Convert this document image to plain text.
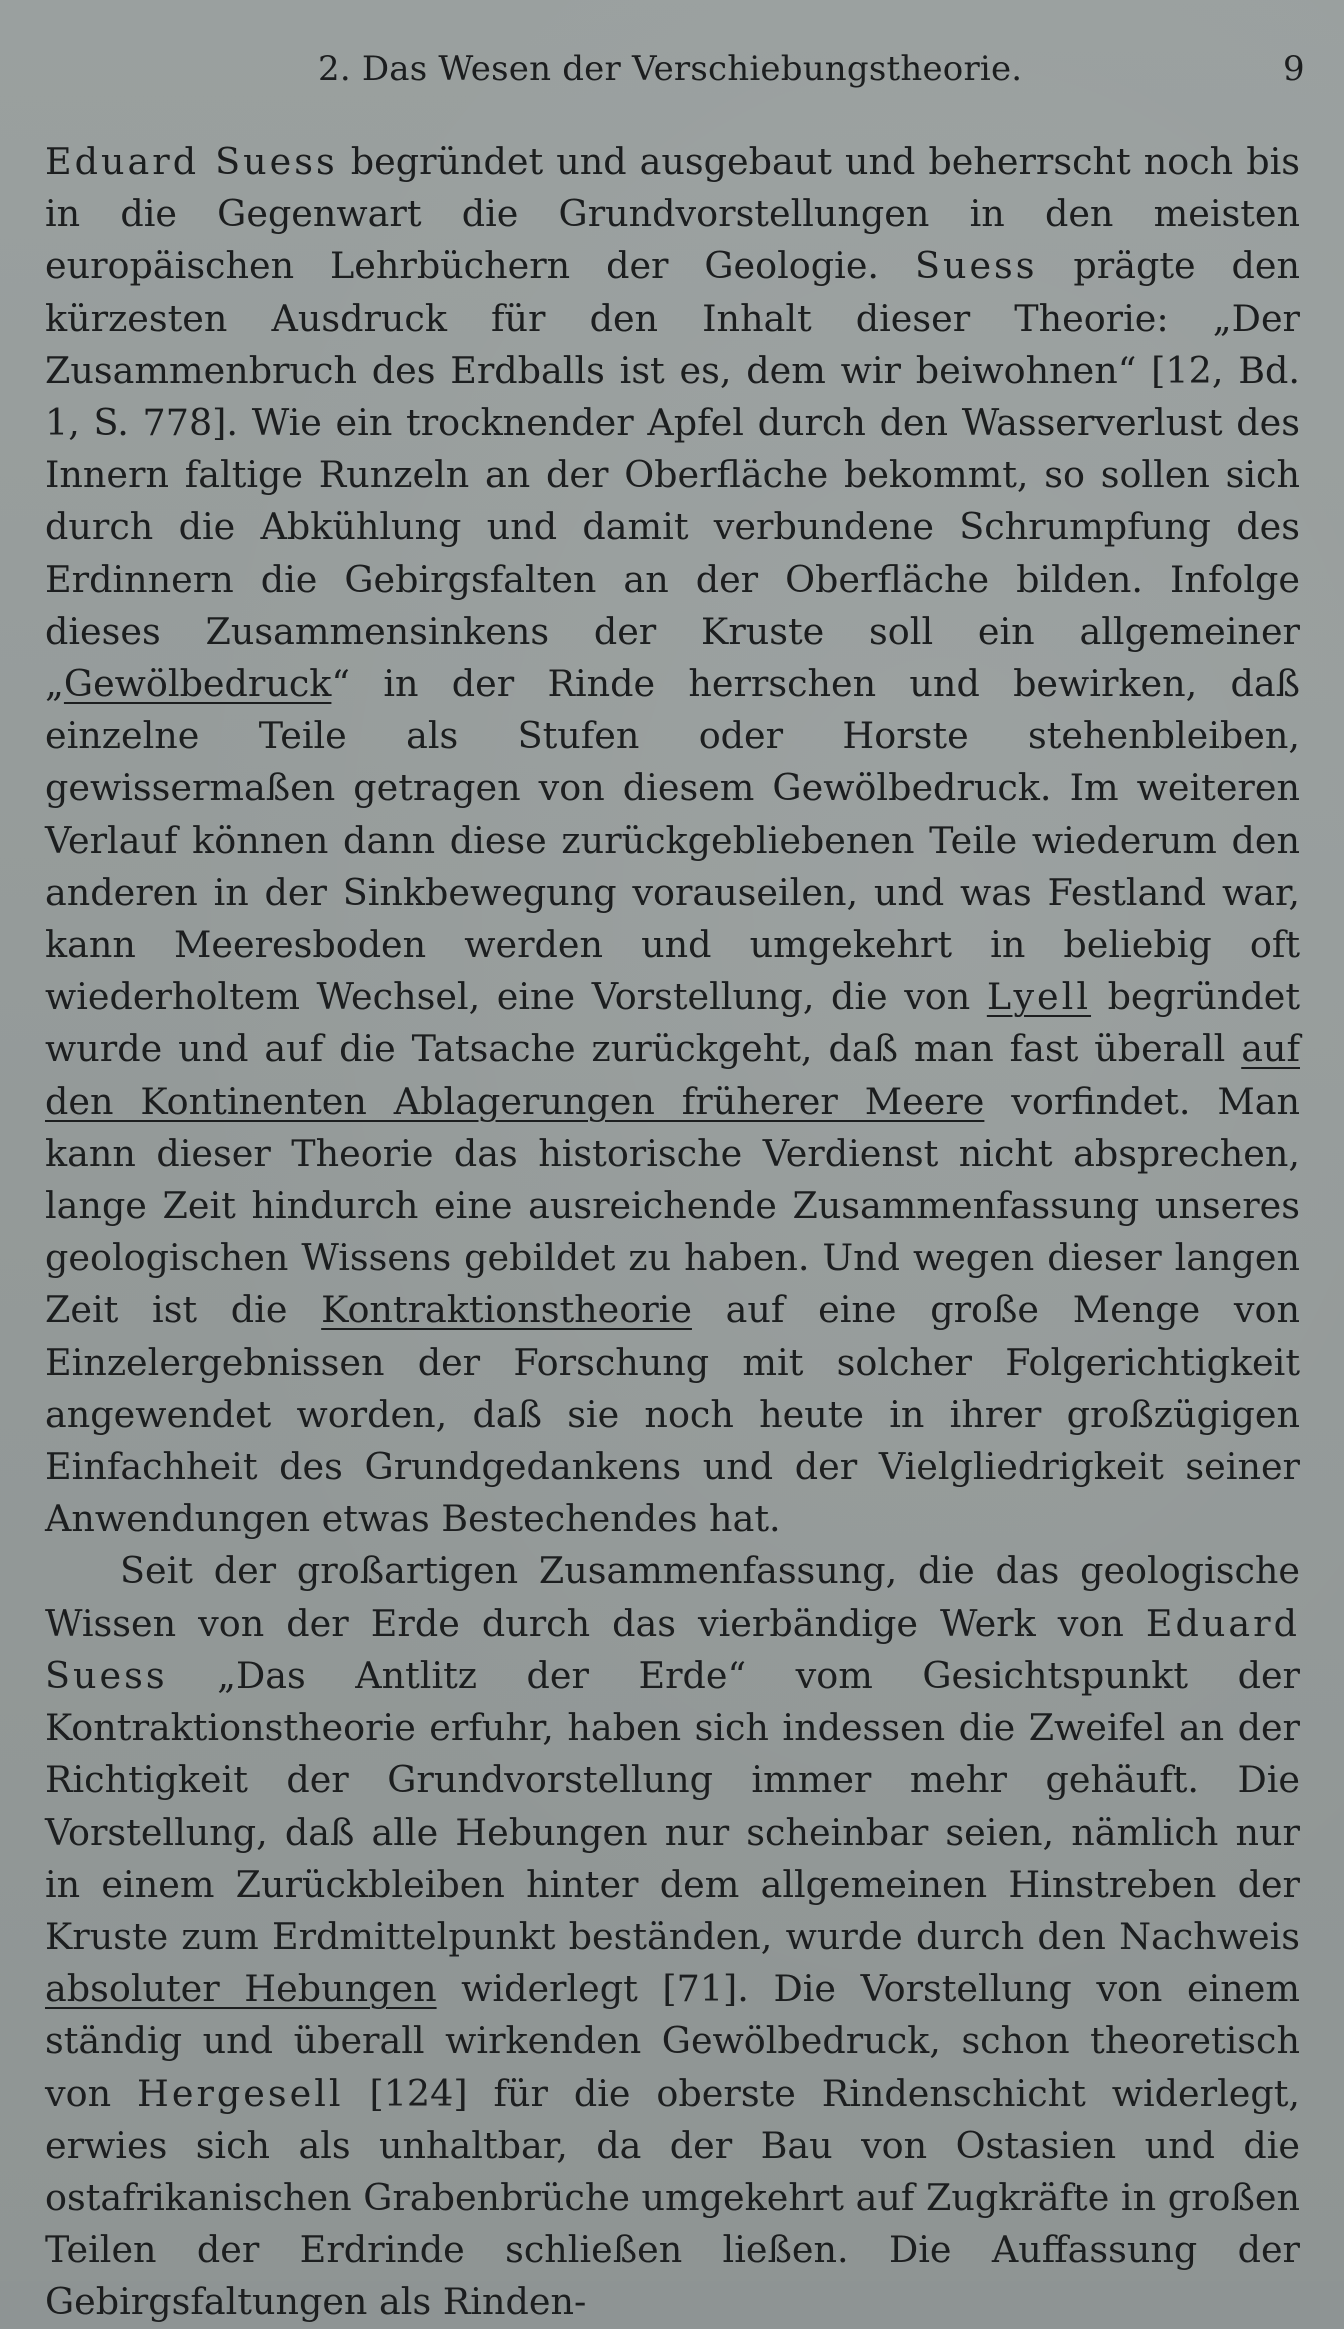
2. Das Wesen der Verschiebungstheorie.	9

Eduard Suess begründet und ausgebaut und beherrscht noch bis in die Gegenwart die Grundvorstellungen in den meisten europäischen Lehrbüchern der Geologie. Suess prägte den kürzesten Ausdruck für den Inhalt dieser Theorie: „Der Zusammenbruch des Erdballs ist es, dem wir beiwohnen“ [12, Bd. 1, S. 778]. Wie ein trocknender Apfel durch den Wasserverlust des Innern faltige Runzeln an der Oberfläche bekommt, so sollen sich durch die Abkühlung und damit verbundene Schrumpfung des Erdinnern die Gebirgsfalten an der Oberfläche bilden. Infolge dieses Zusammensinkens der Kruste soll ein allgemeiner „Gewölbedruck“ in der Rinde herrschen und bewirken, daß einzelne Teile als Stufen oder Horste stehenbleiben, gewissermaßen getragen von diesem Gewölbedruck. Im weiteren Verlauf können dann diese zurückgebliebenen Teile wiederum den anderen in der Sinkbewegung vorauseilen, und was Festland war, kann Meeresboden werden und umgekehrt in beliebig oft wiederholtem Wechsel, eine Vorstellung, die von Lyell begründet wurde und auf die Tatsache zurückgeht, daß man fast überall auf den Kontinenten Ablagerungen früherer Meere vorfindet. Man kann dieser Theorie das historische Verdienst nicht absprechen, lange Zeit hindurch eine ausreichende Zusammenfassung unseres geologischen Wissens gebildet zu haben. Und wegen dieser langen Zeit ist die Kontraktionstheorie auf eine große Menge von Einzelergebnissen der Forschung mit solcher Folgerichtigkeit angewendet worden, daß sie noch heute in ihrer großzügigen Einfachheit des Grundgedankens und der Vielgliedrigkeit seiner Anwendungen etwas Bestechendes hat.

Seit der großartigen Zusammenfassung, die das geologische Wissen von der Erde durch das vierbändige Werk von Eduard Suess „Das Antlitz der Erde“ vom Gesichtspunkt der Kontraktionstheorie erfuhr, haben sich indessen die Zweifel an der Richtigkeit der Grundvorstellung immer mehr gehäuft. Die Vorstellung, daß alle Hebungen nur scheinbar seien, nämlich nur in einem Zurückbleiben hinter dem allgemeinen Hinstreben der Kruste zum Erdmittelpunkt beständen, wurde durch den Nachweis absoluter Hebungen widerlegt [71]. Die Vorstellung von einem ständig und überall wirkenden Gewölbedruck, schon theoretisch von Hergesell [124] für die oberste Rindenschicht widerlegt, erwies sich als unhaltbar, da der Bau von Ostasien und die ostafrikanischen Grabenbrüche umgekehrt auf Zugkräfte in großen Teilen der Erdrinde schließen ließen. Die Auffassung der Gebirgsfaltungen als Rinden-
